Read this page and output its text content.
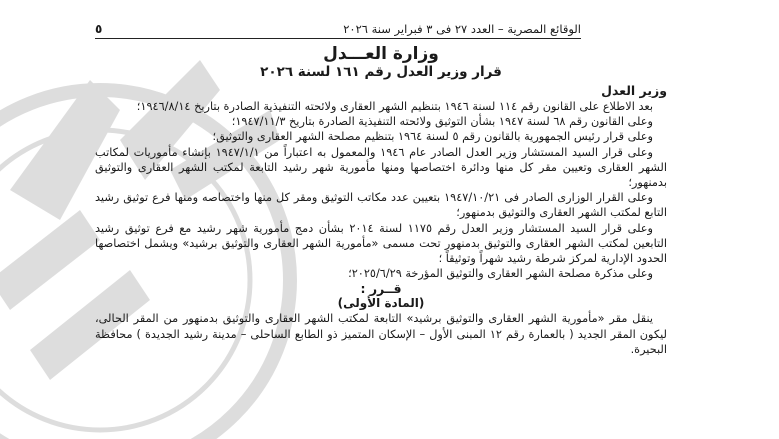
الوقائع المصرية – العدد ٢٧ فى ٣ فبراير سنة ٢٠٢٦
٥
وزارة العـــدل
قرار وزير العدل رقم ١٦١ لسنة ٢٠٢٦
وزير العدل

بعد الاطلاع على القانون رقم ١١٤ لسنة ١٩٤٦ بتنظيم الشهر العقارى ولائحته التنفيذية الصادرة بتاريخ ١٩٤٦/٨/١٤؛

وعلى القانون رقم ٦٨ لسنة ١٩٤٧ بشأن التوثيق ولائحته التنفيذية الصادرة بتاريخ ١٩٤٧/١١/٣؛

وعلى قرار رئيس الجمهورية بالقانون رقم ٥ لسنة ١٩٦٤ بتنظيم مصلحة الشهر العقارى والتوثيق؛

وعلى قرار السيد المستشار وزير العدل الصادر عام ١٩٤٦ والمعمول به اعتباراً من ١٩٤٧/١/١ بإنشاء مأموريات لمكاتب الشهر العقارى وتعيين مقر كل منها ودائرة اختصاصها ومنها مأمورية شهر رشيد التابعة لمكتب الشهر العقارى والتوثيق بدمنهور؛

وعلى القرار الوزارى الصادر فى ١٩٤٧/١٠/٢١ بتعيين عدد مكاتب التوثيق ومقر كل منها واختصاصه ومنها فرع توثيق رشيد التابع لمكتب الشهر العقارى والتوثيق بدمنهور؛

وعلى قرار السيد المستشار وزير العدل رقم ١١٧٥ لسنة ٢٠١٤ بشأن دمج مأمورية شهر رشيد مع فرع توثيق رشيد التابعين لمكتب الشهر العقارى والتوثيق بدمنهور تحت مسمى «مأمورية الشهر العقارى والتوثيق برشيد» ويشمل اختصاصها الحدود الإدارية لمركز شرطة رشيد شهراً وتوثيقاً ؛

وعلى مذكرة مصلحة الشهر العقارى والتوثيق المؤرخة ٢٠٢٥/٦/٢٩؛

قــرر :
(المادة الأولى)

ينقل مقر «مأمورية الشهر العقارى والتوثيق برشيد» التابعة لمكتب الشهر العقارى والتوثيق بدمنهور من المقر الحالى، ليكون المقر الجديد ( بالعمارة رقم ١٢ المبنى الأول – الإسكان المتميز ذو الطابع الساحلى – مدينة رشيد الجديدة ) محافظة البحيرة.
